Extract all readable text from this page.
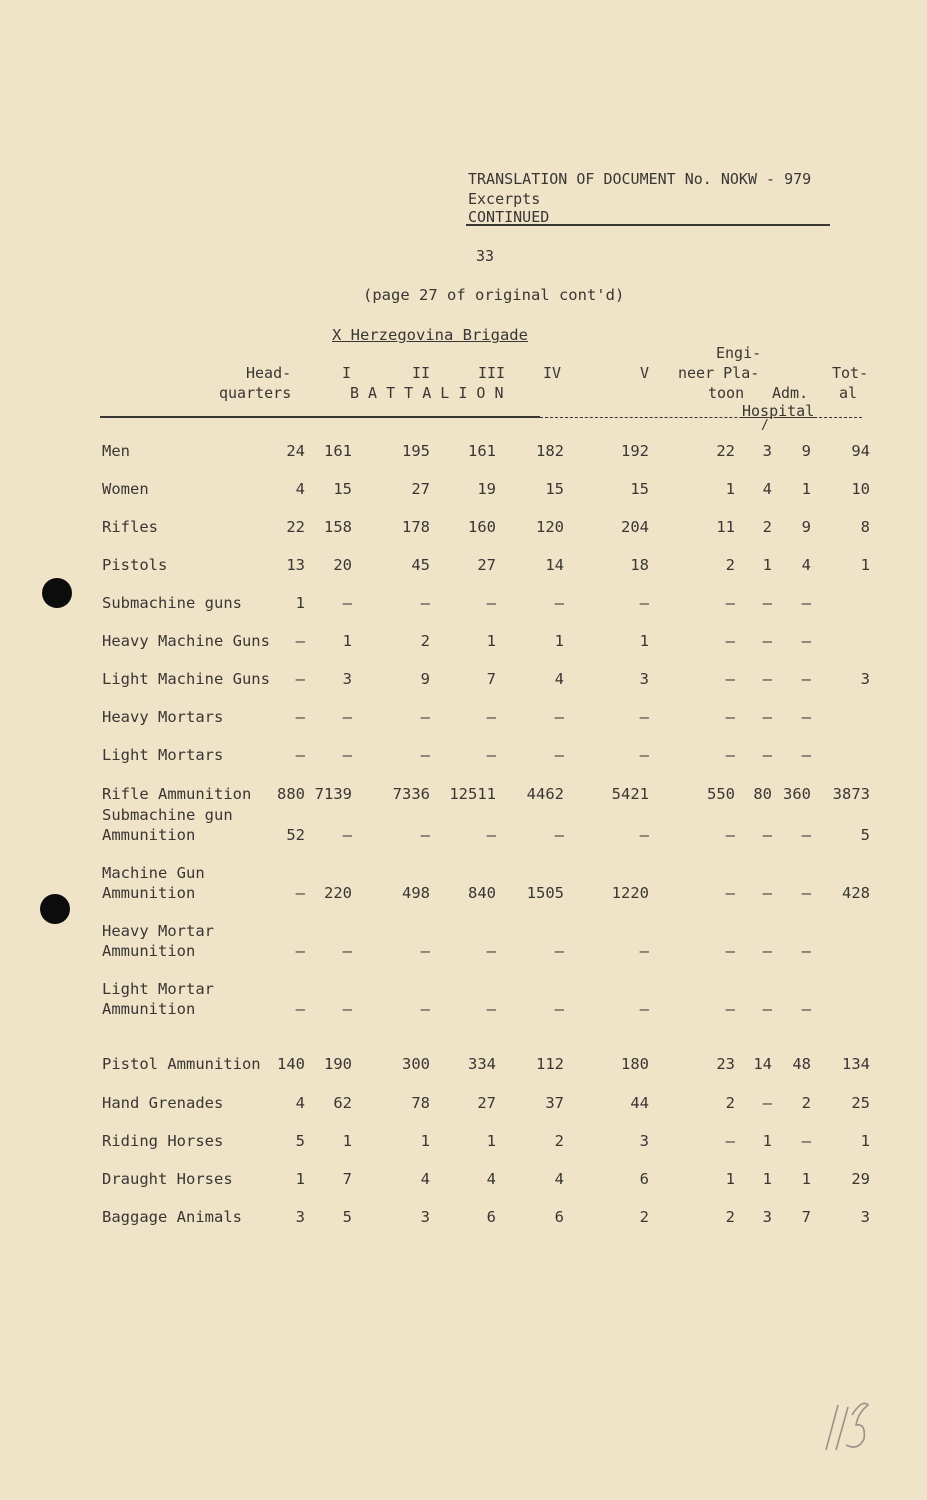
TRANSLATION OF DOCUMENT No. NOKW - 979
Excerpts
CONTINUED
33
(page 27 of original cont'd)
X Herzegovina Brigade
Head-
quarters
I	II	III	IV	V
B A T T A L I O N
Engi-
neer Pla-
toon Adm.
Hospital
Tot-
al
/
Men	24	161	195	161	182	192	22	3	9	94
Women	4	15	27	19	15	15	1	4	1	10
Rifles	22	158	178	160	120	204	11	2	9	8
Pistols	13	20	45	27	14	18	2	1	4	1
Submachine guns	1	–	–	–	–	–	–	–	–
Heavy Machine Guns	–	1	2	1	1	1	–	–	–
Light Machine Guns	–	3	9	7	4	3	–	–	–	3
Heavy Mortars	–	–	–	–	–	–	–	–	–
Light Mortars	–	–	–	–	–	–	–	–	–
Rifle Ammunition	880 7139	7336	12511	4462	5421	550	80 360	3873
Submachine gun
Ammunition	52	–	–	–	–	–	–	–	–	5
Machine Gun
Ammunition	–	220	498	840	1505	1220	–	–	–	428
Heavy Mortar
Ammunition	–	–	–	–	–	–	–	–	–
Light Mortar
Ammunition	–	–	–	–	–	–	–	–	–
Pistol Ammunition	140	190	300	334	112	180	23	14	48	134
Hand Grenades	4	62	78	27	37	44	2	–	2	25
Riding Horses	5	1	1	1	2	3	–	1	–	1
Draught Horses	1	7	4	4	4	6	1	1	1	29
Baggage Animals	3	5	3	6	6	2	2	3	7	3
